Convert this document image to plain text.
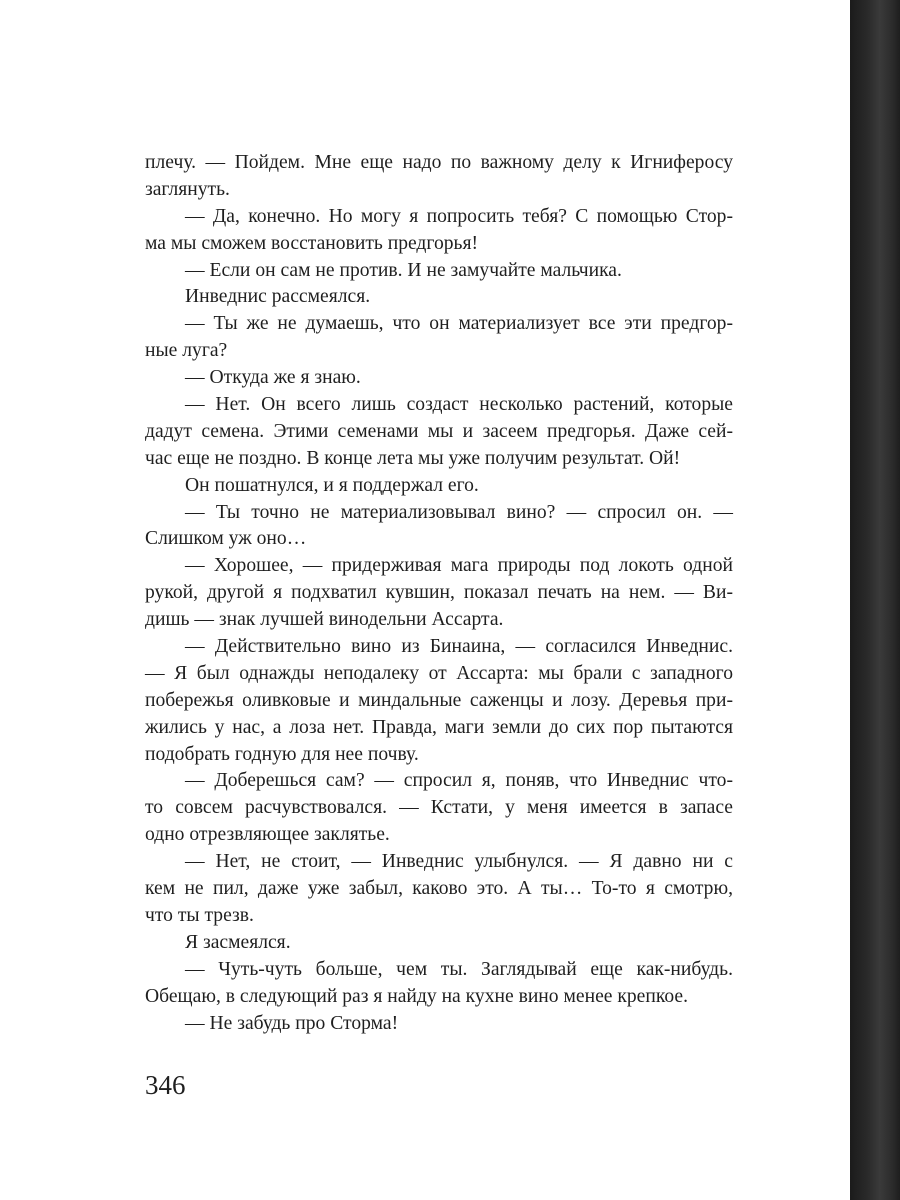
плечу. — Пойдем. Мне еще надо по важному делу к Игниферосу
заглянуть.
— Да, конечно. Но могу я попросить тебя? С помощью Стор-
ма мы сможем восстановить предгорья!
— Если он сам не против. И не замучайте мальчика.
Инведнис рассмеялся.
— Ты же не думаешь, что он материализует все эти предгор-
ные луга?
— Откуда же я знаю.
— Нет. Он всего лишь создаст несколько растений, которые
дадут семена. Этими семенами мы и засеем предгорья. Даже сей-
час еще не поздно. В конце лета мы уже получим результат. Ой!
Он пошатнулся, и я поддержал его.
— Ты точно не материализовывал вино? — спросил он. —
Слишком уж оно…
— Хорошее, — придерживая мага природы под локоть одной
рукой, другой я подхватил кувшин, показал печать на нем. — Ви-
дишь — знак лучшей винодельни Ассарта.
— Действительно вино из Бинаина, — согласился Инведнис.
— Я был однажды неподалеку от Ассарта: мы брали с западного
побережья оливковые и миндальные саженцы и лозу. Деревья при-
жились у нас, а лоза нет. Правда, маги земли до сих пор пытаются
подобрать годную для нее почву.
— Доберешься сам? — спросил я, поняв, что Инведнис что-
то совсем расчувствовался. — Кстати, у меня имеется в запасе
одно отрезвляющее заклятье.
— Нет, не стоит, — Инведнис улыбнулся. — Я давно ни с
кем не пил, даже уже забыл, каково это. А ты… То-то я смотрю,
что ты трезв.
Я засмеялся.
— Чуть-чуть больше, чем ты. Заглядывай еще как-нибудь.
Обещаю, в следующий раз я найду на кухне вино менее крепкое.
— Не забудь про Сторма!
346
